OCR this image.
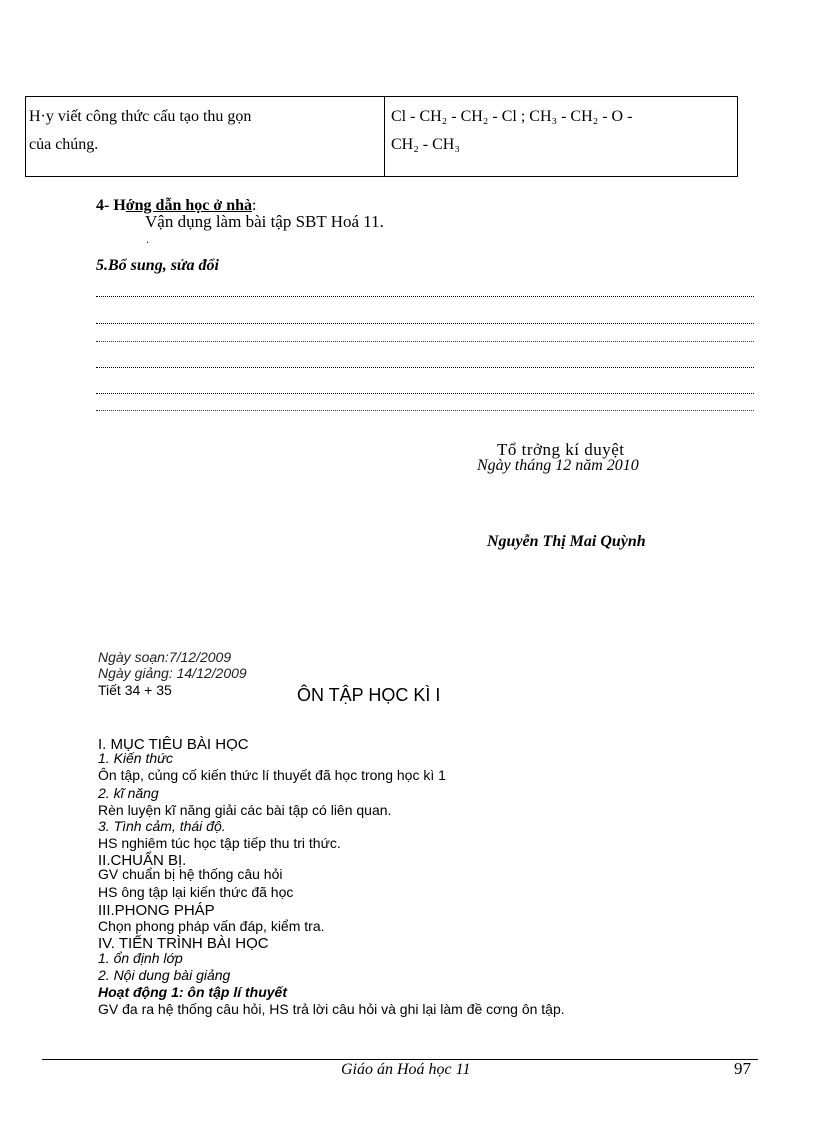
H·y viết công thức cấu tạo thu gọn
của chúng.
Cl - CH₂ - CH₂ - Cl ; CH₃ - CH₂ - O -
CH₂ - CH₃
4- Hớng dẫn học ở nhà:
Vận dụng làm bài tập SBT Hoá 11.
.
5.Bổ sung, sửa đổi
Tổ trởng kí duyệt
Ngày tháng 12 năm 2010
Nguyễn Thị Mai Quỳnh
Ngày soạn:7/12/2009
Ngày giảng: 14/12/2009
Tiết 34 + 35	ÔN TẬP HỌC KÌ I
I. MỤC TIÊU BÀI HỌC
1. Kiến thức
Ôn tập, củng cố kiến thức lí thuyết đã học trong học kì 1
2. kĩ năng
Rèn luyện kĩ năng giải các bài tập có liên quan.
3. Tình cảm, thái độ.
HS nghiêm túc học tập tiếp thu tri thức.
II.CHUẨN BỊ.
GV chuẩn bị hệ thống câu hỏi
HS ông tập lại kiến thức đã học
III.PHONG PHÁP
Chọn phong pháp vấn đáp, kiểm tra.
IV. TIẾN TRÌNH BÀI HỌC
1. ổn định lớp
2. Nội dung bài giảng
Hoạt động 1: ôn tập lí thuyết
GV đa ra hệ thống câu hỏi, HS trả lời câu hỏi và ghi lại làm đề cơng ôn tập.
Giáo án Hoá học 11	97
